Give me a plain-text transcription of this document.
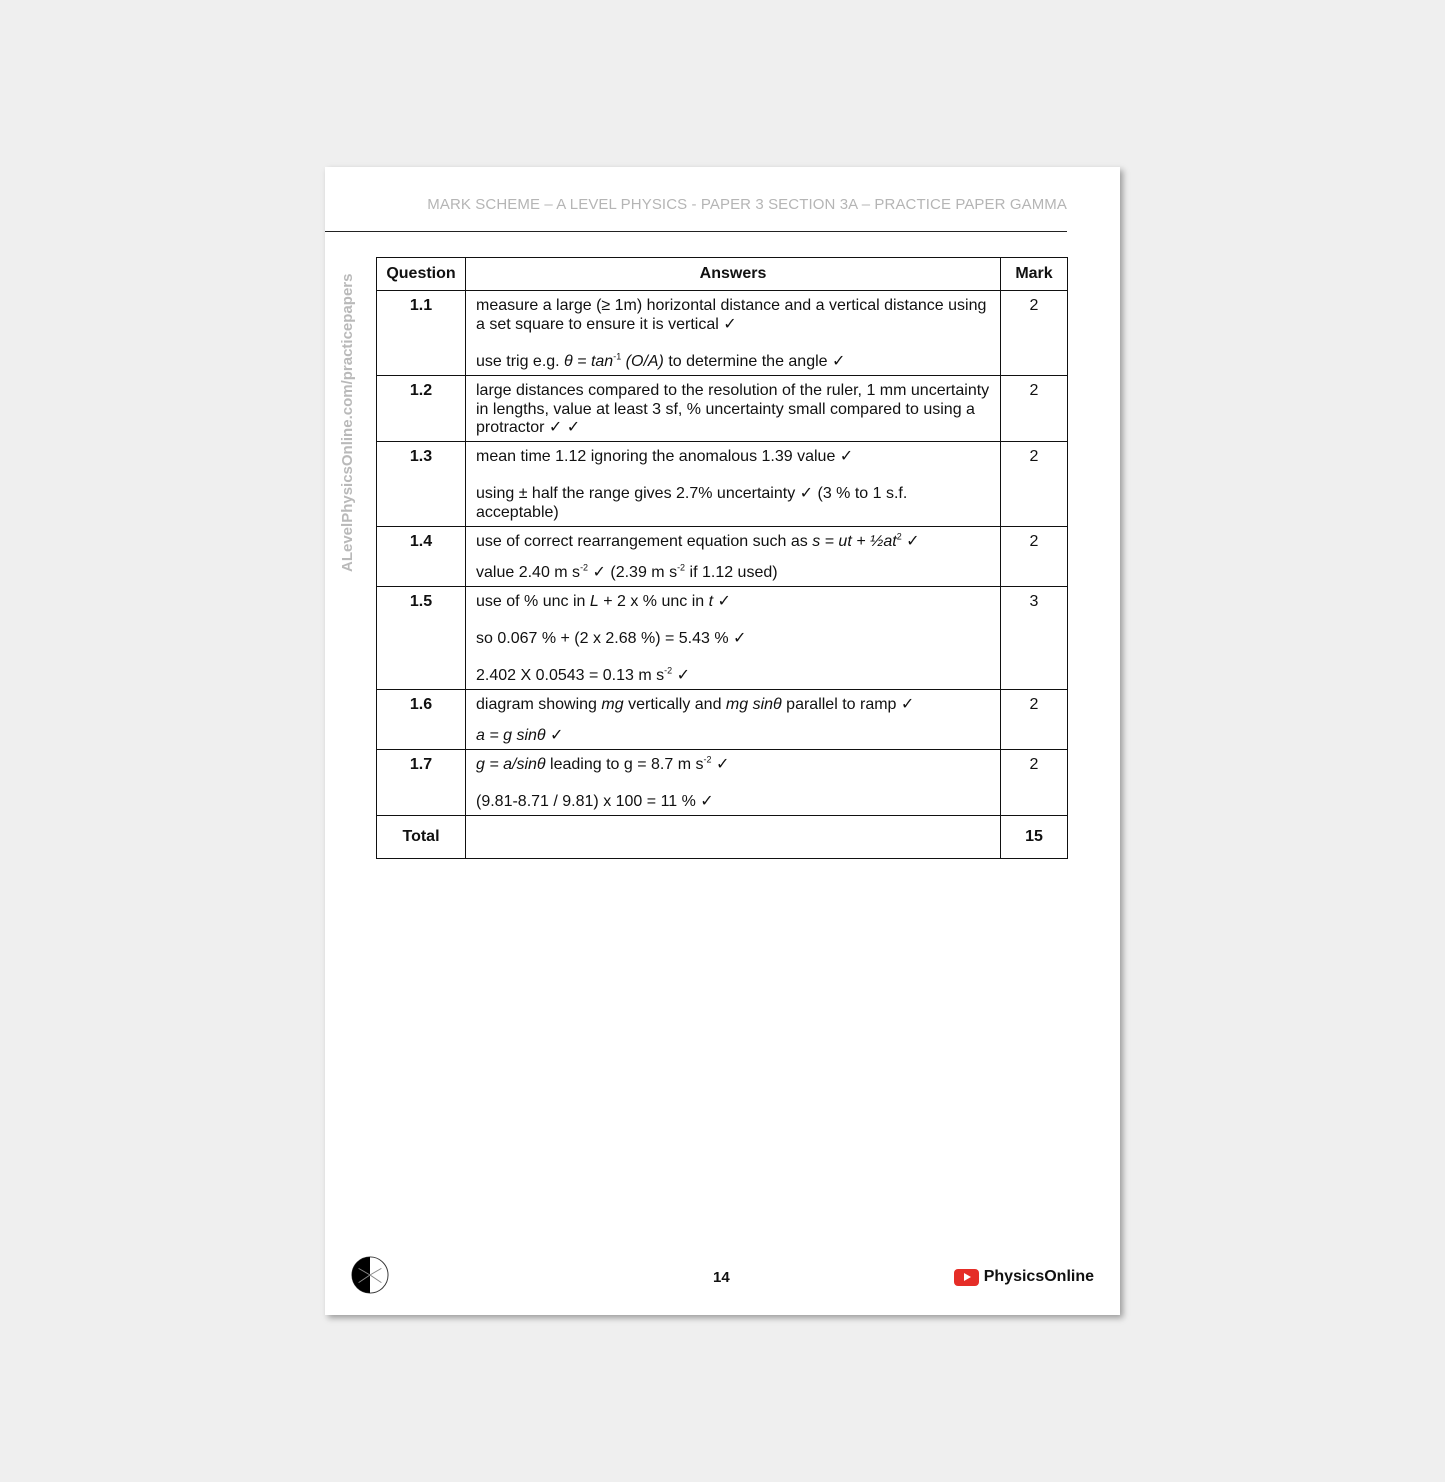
MARK SCHEME – A LEVEL PHYSICS - PAPER 3 SECTION 3A – PRACTICE PAPER GAMMA
ALevelPhysicsOnline.com/practicepapers
Question	Answers	Mark
1.1	measure a large (≥ 1m) horizontal distance and a vertical distance using a set square to ensure it is vertical ✓

use trig e.g. $\theta = \tan^{-1} (O/A)$ to determine the angle ✓	2
1.2	large distances compared to the resolution of the ruler, 1 mm uncertainty in lengths, value at least 3 sf, % uncertainty small compared to using a protractor ✓ ✓	2
1.3	mean time 1.12 ignoring the anomalous 1.39 value ✓

using ± half the range gives 2.7% uncertainty ✓ (3 % to 1 s.f. acceptable)	2
1.4	use of correct rearrangement equation such as s = ut + $\frac{1}{2}at^2$ ✓

value 2.40 m $s^{-2}$ ✓ (2.39 m $s^{-2}$ if 1.12 used)	2
1.5	use of % unc in L + 2 x % unc in t ✓

so 0.067 % + (2 x 2.68 %) = 5.43 % ✓

2.402 X 0.0543 = 0.13 m $s^{-2}$ ✓	3
1.6	diagram showing mg vertically and mg sinθ parallel to ramp ✓

a = g sinθ ✓	2
1.7	g = a/sinθ leading to g = 8.7 m $s^{-2}$ ✓

(9.81-8.71 / 9.81) x 100 = 11 % ✓	2
Total		15
14	PhysicsOnline
